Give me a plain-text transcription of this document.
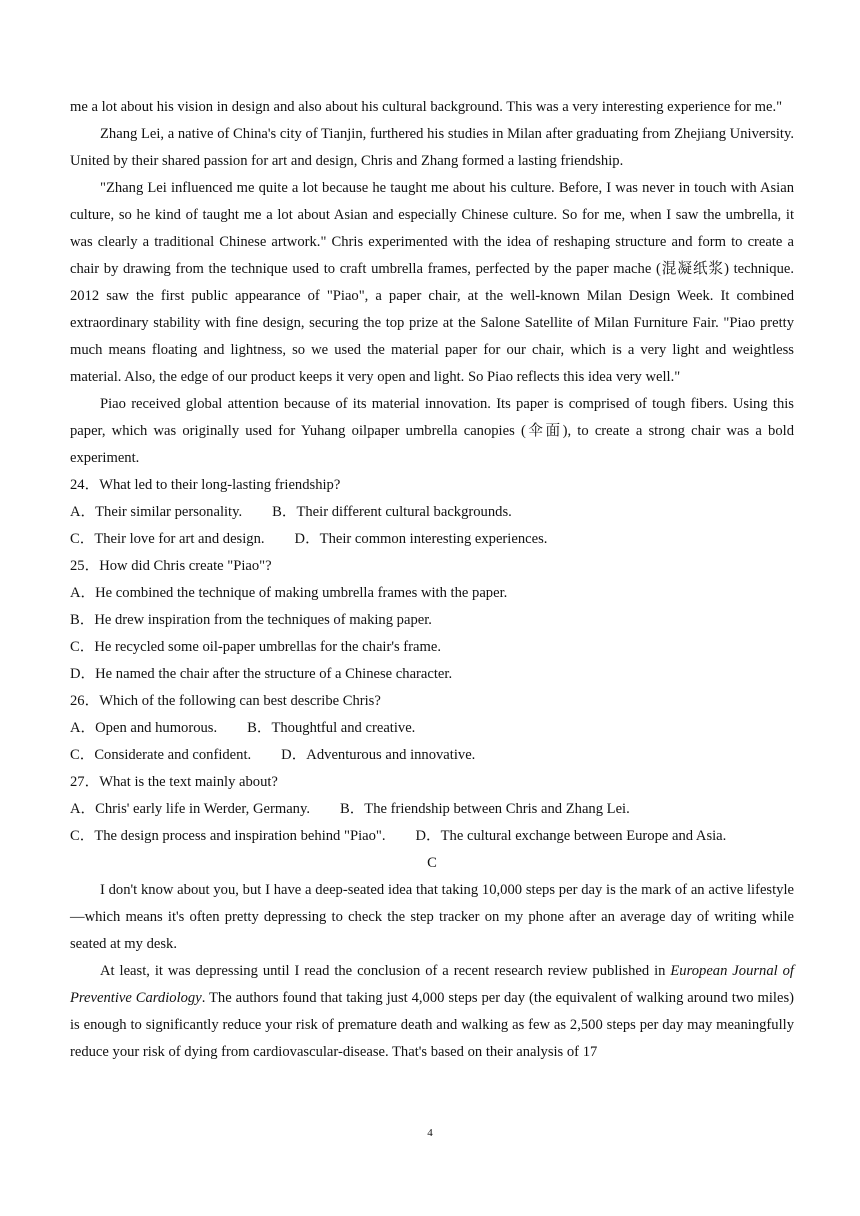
me a lot about his vision in design and also about his cultural background. This was a very interesting experience for me."

Zhang Lei, a native of China's city of Tianjin, furthered his studies in Milan after graduating from Zhejiang University. United by their shared passion for art and design, Chris and Zhang formed a lasting friendship.

"Zhang Lei influenced me quite a lot because he taught me about his culture. Before, I was never in touch with Asian culture, so he kind of taught me a lot about Asian and especially Chinese culture. So for me, when I saw the umbrella, it was clearly a traditional Chinese artwork." Chris experimented with the idea of reshaping structure and form to create a chair by drawing from the technique used to craft umbrella frames, perfected by the paper mache (混凝纸浆) technique. 2012 saw the first public appearance of "Piao", a paper chair, at the well-known Milan Design Week. It combined extraordinary stability with fine design, securing the top prize at the Salone Satellite of Milan Furniture Fair. "Piao pretty much means floating and lightness, so we used the material paper for our chair, which is a very light and weightless material. Also, the edge of our product keeps it very open and light. So Piao reflects this idea very well."

Piao received global attention because of its material innovation. Its paper is comprised of tough fibers. Using this paper, which was originally used for Yuhang oilpaper umbrella canopies (伞面), to create a strong chair was a bold experiment.

24．What led to their long-lasting friendship?

A．Their similar personality. B．Their different cultural backgrounds.

C．Their love for art and design. D．Their common interesting experiences.

25．How did Chris create "Piao"?

A．He combined the technique of making umbrella frames with the paper.

B．He drew inspiration from the techniques of making paper.

C．He recycled some oil-paper umbrellas for the chair's frame.

D．He named the chair after the structure of a Chinese character.

26．Which of the following can best describe Chris?

A．Open and humorous. B．Thoughtful and creative.

C．Considerate and confident. D．Adventurous and innovative.

27．What is the text mainly about?

A．Chris' early life in Werder, Germany. B．The friendship between Chris and Zhang Lei.

C．The design process and inspiration behind "Piao". D．The cultural exchange between Europe and Asia.

C

I don't know about you, but I have a deep-seated idea that taking 10,000 steps per day is the mark of an active lifestyle—which means it's often pretty depressing to check the step tracker on my phone after an average day of writing while seated at my desk.

At least, it was depressing until I read the conclusion of a recent research review published in European Journal of Preventive Cardiology. The authors found that taking just 4,000 steps per day (the equivalent of walking around two miles) is enough to significantly reduce your risk of premature death and walking as few as 2,500 steps per day may meaningfully reduce your risk of dying from cardiovascular-disease. That's based on their analysis of 17

4
